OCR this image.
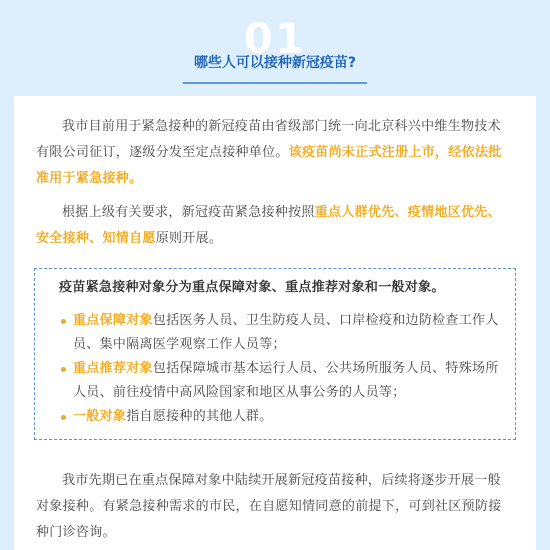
01
哪些人可以接种新冠疫苗?

我市目前用于紧急接种的新冠疫苗由省级部门统一向北京科兴中维生物技术有限公司征订，逐级分发至定点接种单位。该疫苗尚未正式注册上市，经依法批准用于紧急接种。

根据上级有关要求，新冠疫苗紧急接种按照重点人群优先、疫情地区优先、安全接种、知情自愿原则开展。

疫苗紧急接种对象分为重点保障对象、重点推荐对象和一般对象。
重点保障对象包括医务人员、卫生防疫人员、口岸检疫和边防检查工作人员、集中隔离医学观察工作人员等；
重点推荐对象包括保障城市基本运行人员、公共场所服务人员、特殊场所人员、前往疫情中高风险国家和地区从事公务的人员等；
一般对象指自愿接种的其他人群。

我市先期已在重点保障对象中陆续开展新冠疫苗接种，后续将逐步开展一般对象接种。有紧急接种需求的市民，在自愿知情同意的前提下，可到社区预防接种门诊咨询。
